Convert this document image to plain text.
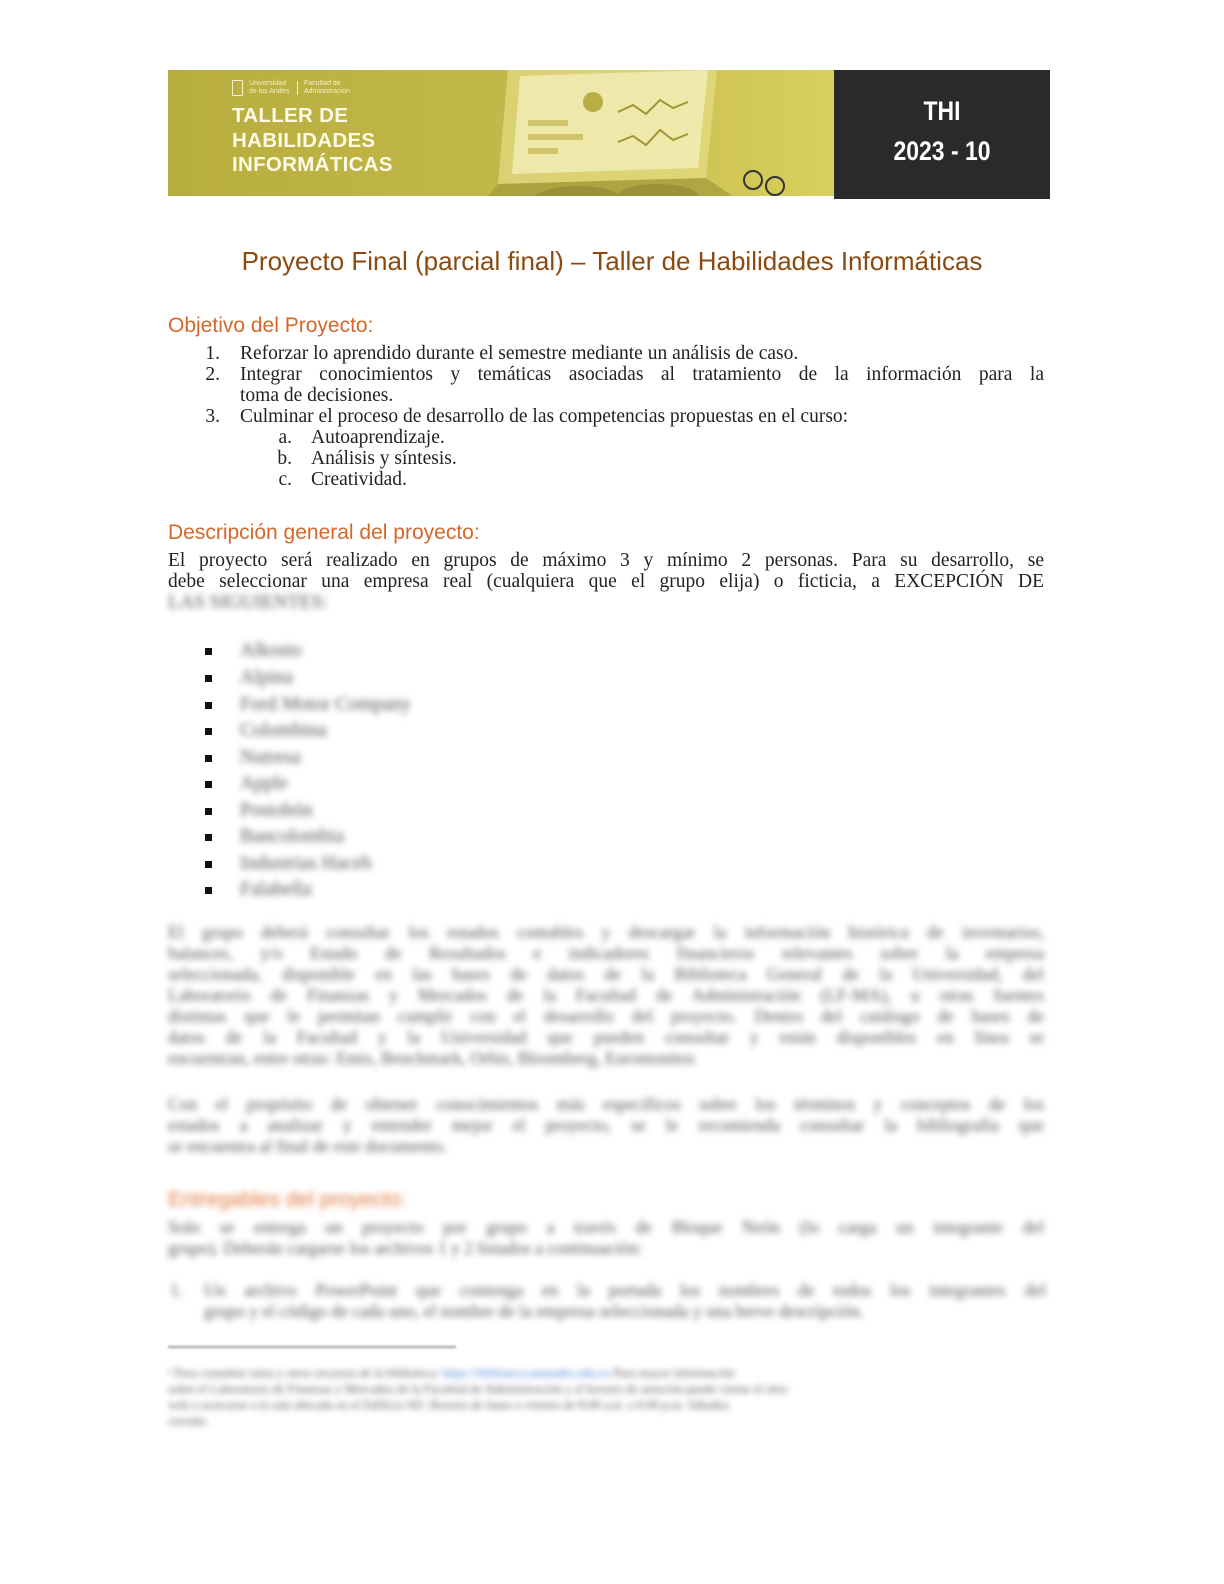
Universidad de los Andes
Facultad de Administración
TALLER DE
HABILIDADES
INFORMÁTICAS
THI
2023 - 10
Proyecto Final (parcial final) – Taller de Habilidades Informáticas
Objetivo del Proyecto:
1. Reforzar lo aprendido durante el semestre mediante un análisis de caso.
2. Integrar conocimientos y temáticas asociadas al tratamiento de la información para la
toma de decisiones.
3. Culminar el proceso de desarrollo de las competencias propuestas en el curso:
a. Autoaprendizaje.
b. Análisis y síntesis.
c. Creatividad.
Descripción general del proyecto:
El proyecto será realizado en grupos de máximo 3 y mínimo 2 personas. Para su desarrollo, se
debe seleccionar una empresa real (cualquiera que el grupo elija) o ficticia, a EXCEPCIÓN DE
LAS SIGUIENTES:
Alkosto
Alpina
Ford Motor Company
Colombina
Nutresa
Apple
Postobón
Bancolombia
Industrias Haceb
Falabella
El grupo deberá consultar los estados contables y descargar la información histórica de inventarios,
balances, y/o Estado de Resultados e indicadores financieros relevantes sobre la empresa
seleccionada, disponible en las bases de datos de la Biblioteca General de la Universidad, del
Laboratorio de Finanzas y Mercados de la Facultad de Administración (LF-MA), u otras fuentes
distintas que le permitan cumplir con el desarrollo del proyecto. Dentro del catálogo de bases de
datos de la Facultad y la Universidad que pueden consultar y están disponibles en línea se
encuentran, entre otras: Emis, Benchmark, Orbis, Bloomberg, Euromonitor.
Con el propósito de obtener conocimientos más específicos sobre los términos y conceptos de los
estados a analizar y entender mejor el proyecto, se le recomienda consultar la bibliografía que
se encuentra al final de este documento.
Entregables del proyecto:
Solo se entrega un proyecto por grupo a través de Bloque Neón (lo carga un integrante del
grupo). Deberán cargarse los archivos 1 y 2 listados a continuación:
1. Un archivo PowerPoint que contenga en la portada los nombres de todos los integrantes del
grupo y el código de cada uno, el nombre de la empresa seleccionada y una breve descripción.
¹ Para consultar estos y otros recursos de la biblioteca: https://biblioteca.uniandes.edu.co Para mayor información
sobre el Laboratorio de Finanzas y Mercados de la Facultad de Administración y el horario de atención puede visitar el sitio
web o acercarse a la sala ubicada en el Edificio SD. Horario de lunes a viernes de 8:00 a.m. a 6:00 p.m. Sábados
cerrado.
